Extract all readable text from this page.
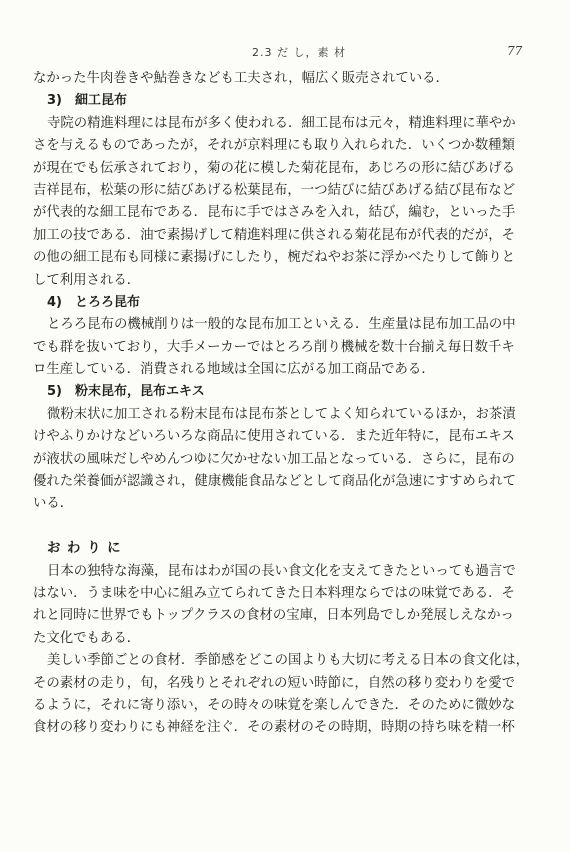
2.3 だ し，素 材	77
なかった牛肉巻きや鮎巻きなども工夫され，幅広く販売されている．
3)　細工昆布
寺院の精進料理には昆布が多く使われる．細工昆布は元々，精進料理に華やか
さを与えるものであったが，それが京料理にも取り入れられた．いくつか数種類
が現在でも伝承されており，菊の花に模した菊花昆布，あじろの形に結びあげる
吉祥昆布，松葉の形に結びあげる松葉昆布，一つ結びに結びあげる結び昆布など
が代表的な細工昆布である．昆布に手ではさみを入れ，結び，編む，といった手
加工の技である．油で素揚げして精進料理に供される菊花昆布が代表的だが，そ
の他の細工昆布も同様に素揚げにしたり，椀だねやお茶に浮かべたりして飾りと
して利用される．
4)　とろろ昆布
とろろ昆布の機械削りは一般的な昆布加工といえる．生産量は昆布加工品の中
でも群を抜いており，大手メーカーではとろろ削り機械を数十台揃え毎日数千キ
ロ生産している．消費される地域は全国に広がる加工商品である．
5)　粉末昆布，昆布エキス
微粉末状に加工される粉末昆布は昆布茶としてよく知られているほか，お茶漬
けやふりかけなどいろいろな商品に使用されている．また近年特に，昆布エキス
が液状の風味だしやめんつゆに欠かせない加工品となっている．さらに，昆布の
優れた栄養価が認識され，健康機能食品などとして商品化が急速にすすめられて
いる．
お わ り に
日本の独特な海藻，昆布はわが国の長い食文化を支えてきたといっても過言で
はない．うま味を中心に組み立てられてきた日本料理ならではの味覚である．そ
れと同時に世界でもトップクラスの食材の宝庫，日本列島でしか発展しえなかっ
た文化でもある．
美しい季節ごとの食材．季節感をどこの国よりも大切に考える日本の食文化は，
その素材の走り，旬，名残りとそれぞれの短い時節に，自然の移り変わりを愛で
るように，それに寄り添い，その時々の味覚を楽しんできた．そのために微妙な
食材の移り変わりにも神経を注ぐ．その素材のその時期，時期の持ち味を精一杯
